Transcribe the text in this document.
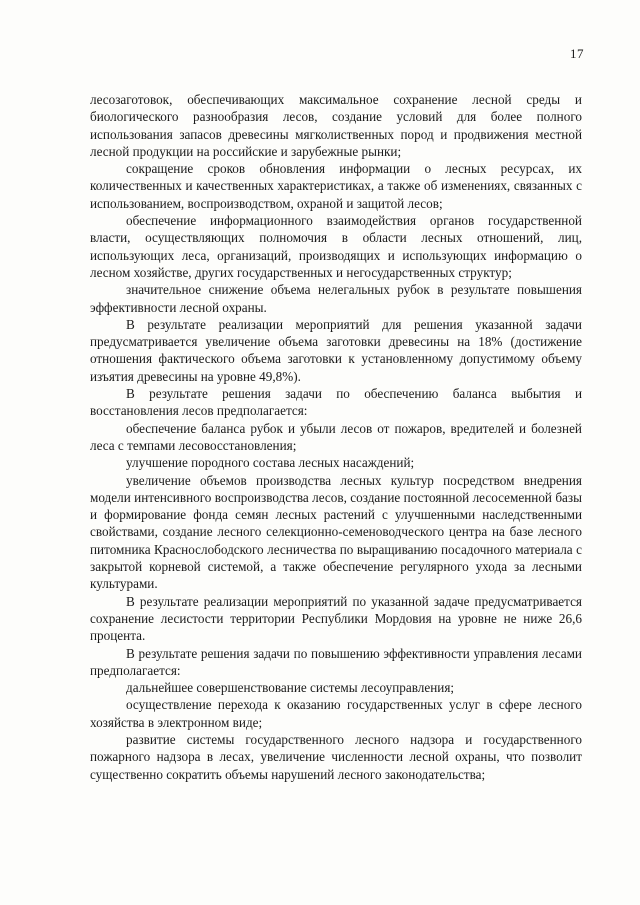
17

лесозаготовок, обеспечивающих максимальное сохранение лесной среды и биологического разнообразия лесов, создание условий для более полного использования запасов древесины мягколиственных пород и продвижения местной лесной продукции на российские и зарубежные рынки;

сокращение сроков обновления информации о лесных ресурсах, их количественных и качественных характеристиках, а также об изменениях, связанных с использованием, воспроизводством, охраной и защитой лесов;

обеспечение информационного взаимодействия органов государственной власти, осуществляющих полномочия в области лесных отношений, лиц, использующих леса, организаций, производящих и использующих информацию о лесном хозяйстве, других государственных и негосударственных структур;

значительное снижение объема нелегальных рубок в результате повышения эффективности лесной охраны.

В результате реализации мероприятий для решения указанной задачи предусматривается увеличение объема заготовки древесины на 18% (достижение отношения фактического объема заготовки к установленному допустимому объему изъятия древесины на уровне 49,8%).

В результате решения задачи по обеспечению баланса выбытия и восстановления лесов предполагается:

обеспечение баланса рубок и убыли лесов от пожаров, вредителей и болезней леса с темпами лесовосстановления;

улучшение породного состава лесных насаждений;

увеличение объемов производства лесных культур посредством внедрения модели интенсивного воспроизводства лесов, создание постоянной лесосеменной базы и формирование фонда семян лесных растений с улучшенными наследственными свойствами, создание лесного селекционно-семеноводческого центра на базе лесного питомника Краснослободского лесничества по выращиванию посадочного материала с закрытой корневой системой, а также обеспечение регулярного ухода за лесными культурами.

В результате реализации мероприятий по указанной задаче предусматривается сохранение лесистости территории Республики Мордовия на уровне не ниже 26,6 процента.

В результате решения задачи по повышению эффективности управления лесами предполагается:

дальнейшее совершенствование системы лесоуправления;

осуществление перехода к оказанию государственных услуг в сфере лесного хозяйства в электронном виде;

развитие системы государственного лесного надзора и государственного пожарного надзора в лесах, увеличение численности лесной охраны, что позволит существенно сократить объемы нарушений лесного законодательства;
